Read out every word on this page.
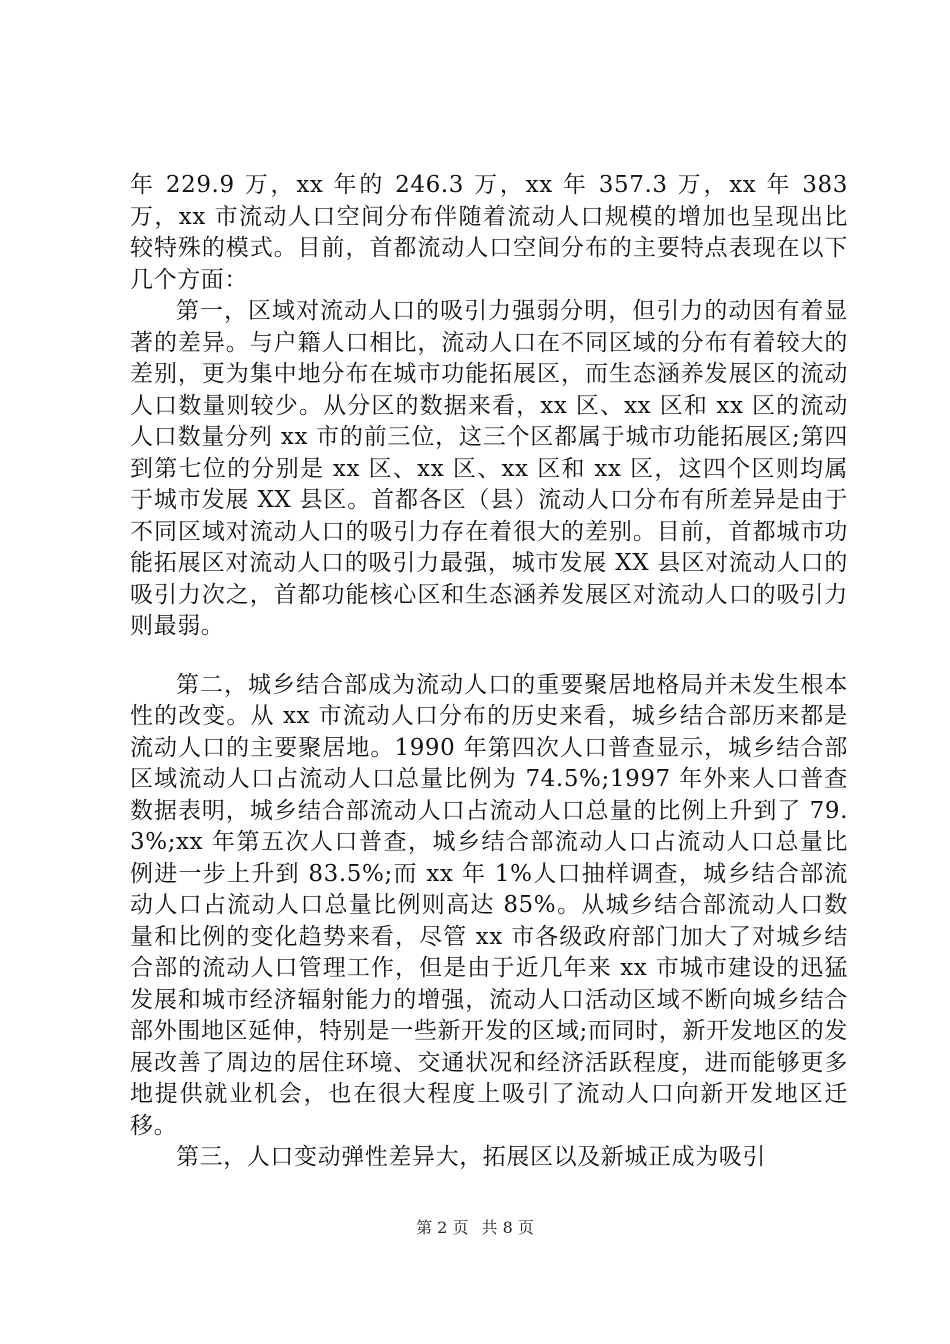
年 229.9 万，xx 年的 246.3 万，xx 年 357.3 万，xx 年 383 万，xx 市流动人口空间分布伴随着流动人口规模的增加也呈现出比较特殊的模式。目前，首都流动人口空间分布的主要特点表现在以下几个方面：

第一，区域对流动人口的吸引力强弱分明，但引力的动因有着显著的差异。与户籍人口相比，流动人口在不同区域的分布有着较大的差别，更为集中地分布在城市功能拓展区，而生态涵养发展区的流动人口数量则较少。从分区的数据来看，xx 区、xx 区和 xx 区的流动人口数量分列 xx 市的前三位，这三个区都属于城市功能拓展区;第四到第七位的分别是 xx 区、xx 区、xx 区和 xx 区，这四个区则均属于城市发展 XX 县区。首都各区（县）流动人口分布有所差异是由于不同区域对流动人口的吸引力存在着很大的差别。目前，首都城市功能拓展区对流动人口的吸引力最强，城市发展 XX 县区对流动人口的吸引力次之，首都功能核心区和生态涵养发展区对流动人口的吸引力则最弱。

第二，城乡结合部成为流动人口的重要聚居地格局并未发生根本性的改变。从 xx 市流动人口分布的历史来看，城乡结合部历来都是流动人口的主要聚居地。1990 年第四次人口普查显示，城乡结合部区域流动人口占流动人口总量比例为 74.5%;1997 年外来人口普查数据表明，城乡结合部流动人口占流动人口总量的比例上升到了 79.3%;xx 年第五次人口普查，城乡结合部流动人口占流动人口总量比例进一步上升到 83.5%;而 xx 年 1%人口抽样调查，城乡结合部流动人口占流动人口总量比例则高达 85%。从城乡结合部流动人口数量和比例的变化趋势来看，尽管 xx 市各级政府部门加大了对城乡结合部的流动人口管理工作，但是由于近几年来 xx 市城市建设的迅猛发展和城市经济辐射能力的增强，流动人口活动区域不断向城乡结合部外围地区延伸，特别是一些新开发的区域;而同时，新开发地区的发展改善了周边的居住环境、交通状况和经济活跃程度，进而能够更多地提供就业机会，也在很大程度上吸引了流动人口向新开发地区迁移。

第三，人口变动弹性差异大，拓展区以及新城正成为吸引

第 2 页 共 8 页
